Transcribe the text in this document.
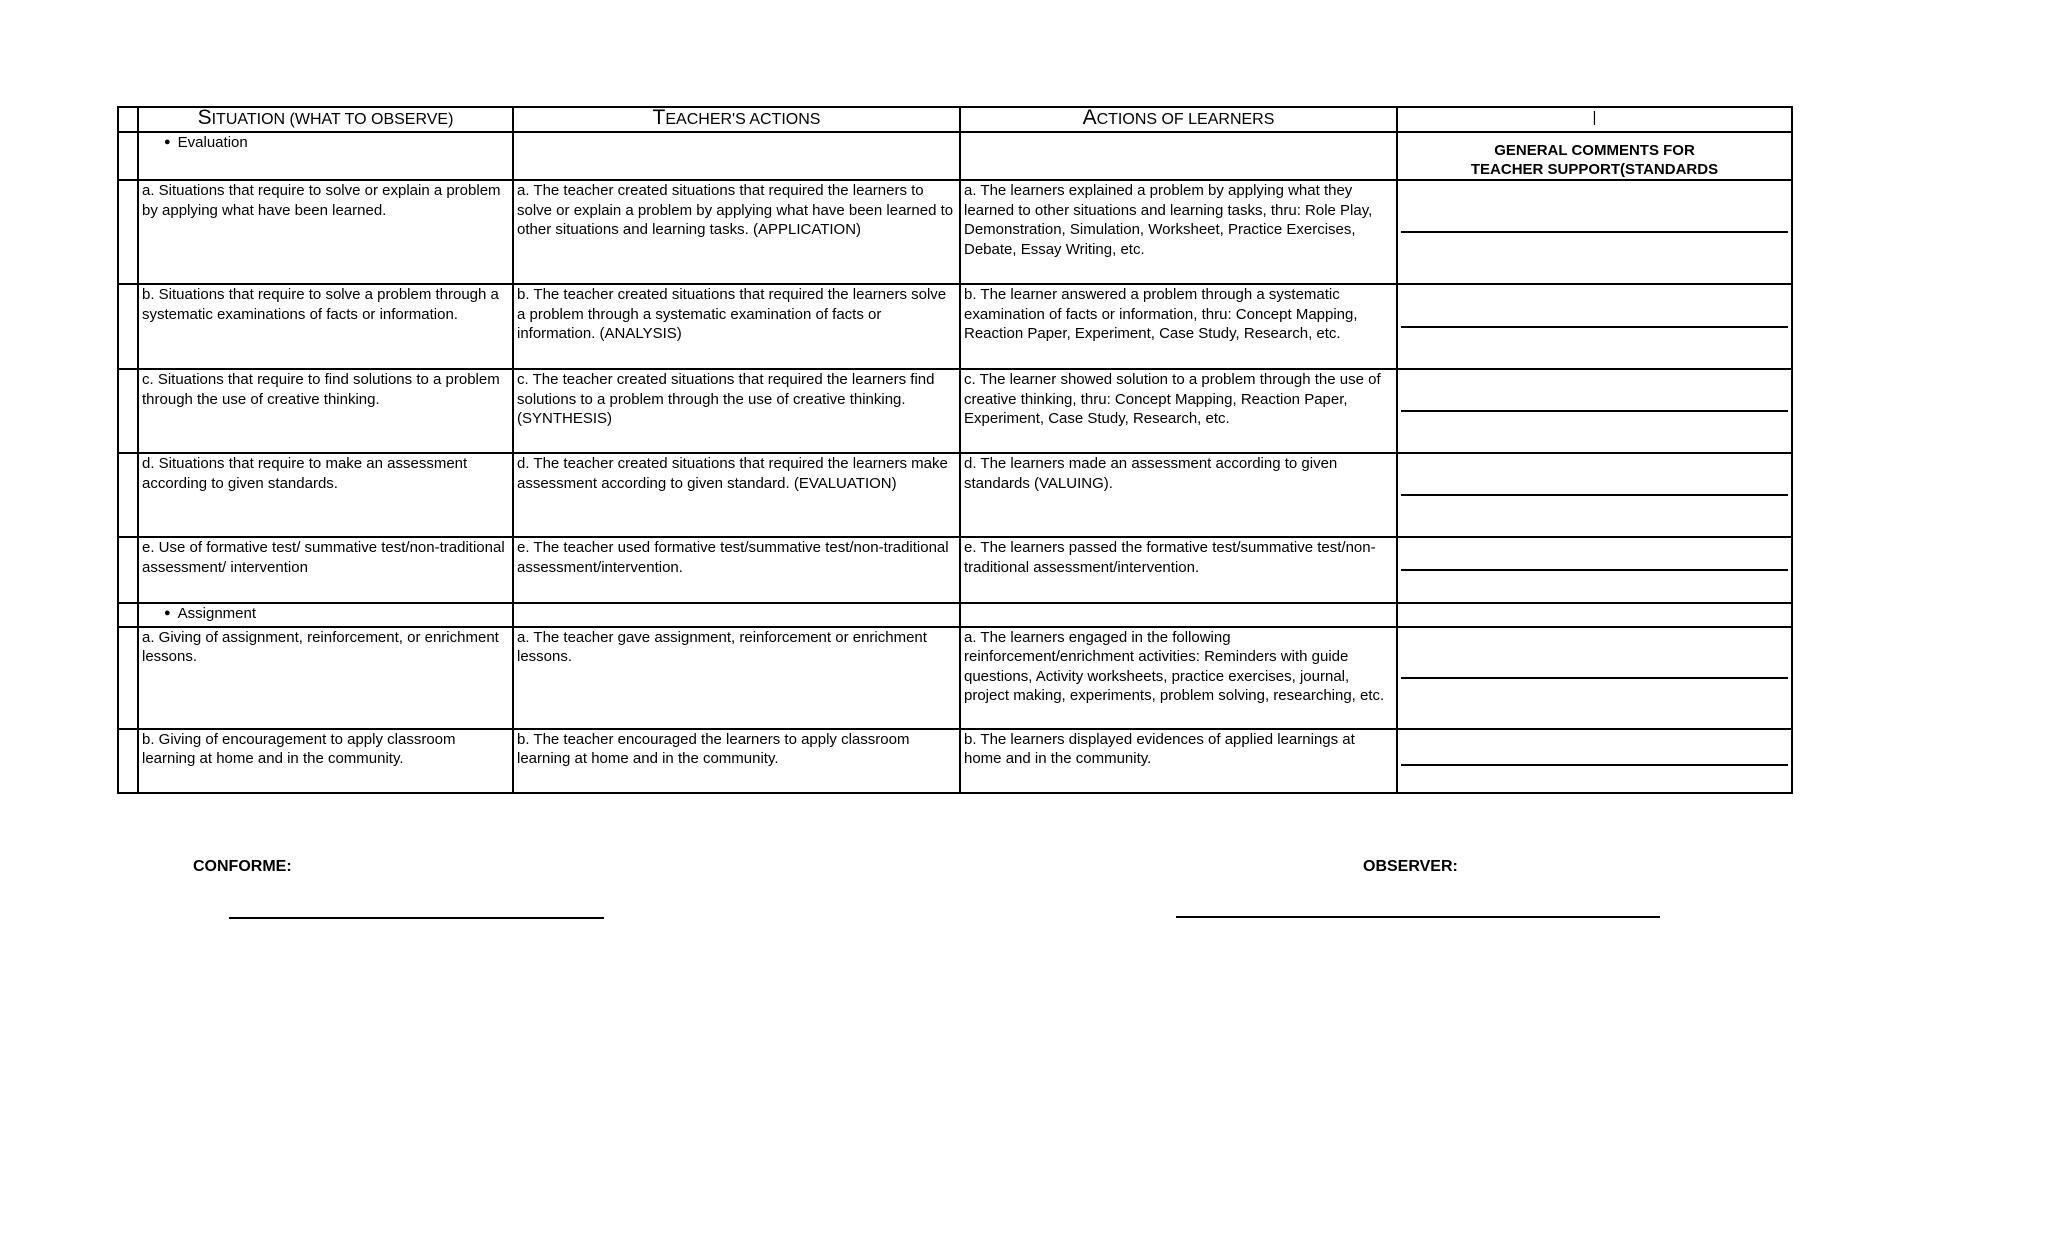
	SITUATION (WHAT TO OBSERVE)	TEACHER'S ACTIONS	ACTIONS OF LEARNERS	|

	● Evaluation			GENERAL COMMENTS FOR
TEACHER SUPPORT(STANDARDS

	a. Situations that require to solve or explain a problem by applying what have been learned.	a. The teacher created situations that required the learners to solve or explain a problem by applying what have been learned to other situations and learning tasks. (APPLICATION)	a. The learners explained a problem by applying what they learned to other situations and learning tasks, thru: Role Play, Demonstration, Simulation, Worksheet, Practice Exercises, Debate, Essay Writing, etc.	

	b. Situations that require to solve a problem through a systematic examinations of facts or information.	b. The teacher created situations that required the learners solve a problem through a systematic examination of facts or information. (ANALYSIS)	b. The learner answered a problem through a systematic examination of facts or information, thru: Concept Mapping, Reaction Paper, Experiment, Case Study, Research, etc.	

	c. Situations that require to find solutions to a problem through the use of creative thinking.	c. The teacher created situations that required the learners find solutions to a problem through the use of creative thinking. (SYNTHESIS)	c. The learner showed solution to a problem through the use of creative thinking, thru: Concept Mapping, Reaction Paper, Experiment, Case Study, Research, etc.	

	d. Situations that require to make an assessment according to given standards.	d. The teacher created situations that required the learners make assessment according to given standard. (EVALUATION)	d. The learners made an assessment according to given standards (VALUING).	

	e. Use of formative test/ summative test/non-traditional assessment/ intervention	e. The teacher used formative test/summative test/non-traditional assessment/intervention.	e. The learners passed the formative test/summative test/non-traditional assessment/intervention.	

	● Assignment

	a. Giving of assignment, reinforcement, or enrichment lessons.	a. The teacher gave assignment, reinforcement or enrichment lessons.	a. The learners engaged in the following reinforcement/enrichment activities: Reminders with guide questions, Activity worksheets, practice exercises, journal, project making, experiments, problem solving, researching, etc.	

	b. Giving of encouragement to apply classroom learning at home and in the community.	b. The teacher encouraged the learners to apply classroom learning at home and in the community.	b. The learners displayed evidences of applied learnings at home and in the community.	
CONFORME:	OBSERVER:
